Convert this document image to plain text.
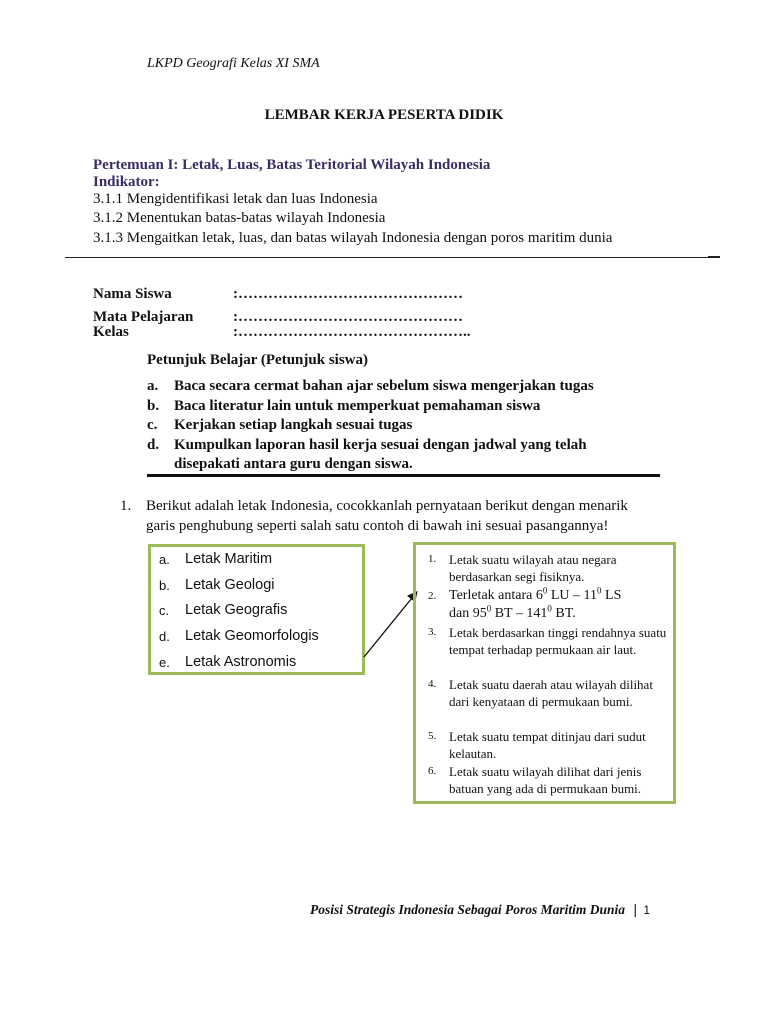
LKPD Geografi Kelas XI SMA
LEMBAR KERJA PESERTA DIDIK
Pertemuan I: Letak, Luas, Batas Teritorial Wilayah Indonesia
Indikator:
3.1.1 Mengidentifikasi letak dan luas Indonesia
3.1.2 Menentukan batas-batas wilayah Indonesia
3.1.3 Mengaitkan letak, luas, dan batas wilayah Indonesia dengan poros maritim dunia
Nama Siswa	:………………………………………
Mata Pelajaran	:………………………………………
Kelas	:………………………………………..
Petunjuk Belajar (Petunjuk siswa)
a.	Baca secara cermat bahan ajar sebelum siswa mengerjakan tugas
b. Baca literatur lain untuk memperkuat pemahaman siswa
c.	Kerjakan setiap langkah sesuai tugas
d. Kumpulkan laporan hasil kerja sesuai dengan jadwal yang telah disepakati antara guru dengan siswa.
1. Berikut adalah letak Indonesia, cocokkanlah pernyataan berikut dengan menarik garis penghubung seperti salah satu contoh di bawah ini sesuai pasangannya!
a.	Letak Maritim
b.	Letak Geologi
c.	Letak Geografis
d.	Letak Geomorfologis
e.	Letak Astronomis
1. Letak suatu wilayah atau negara berdasarkan segi fisiknya.
2. Terletak antara $6^0$ LU – $11^0$ LS
dan $95^0$ BT – $141^0$ BT.
3. Letak berdasarkan tinggi rendahnya suatu tempat terhadap permukaan air laut.
4. Letak suatu daerah atau wilayah dilihat dari kenyataan di permukaan bumi.
5. Letak suatu tempat ditinjau dari sudut kelautan.
6. Letak suatu wilayah dilihat dari jenis batuan yang ada di permukaan bumi.
Posisi Strategis Indonesia Sebagai Poros Maritim Dunia | 1
